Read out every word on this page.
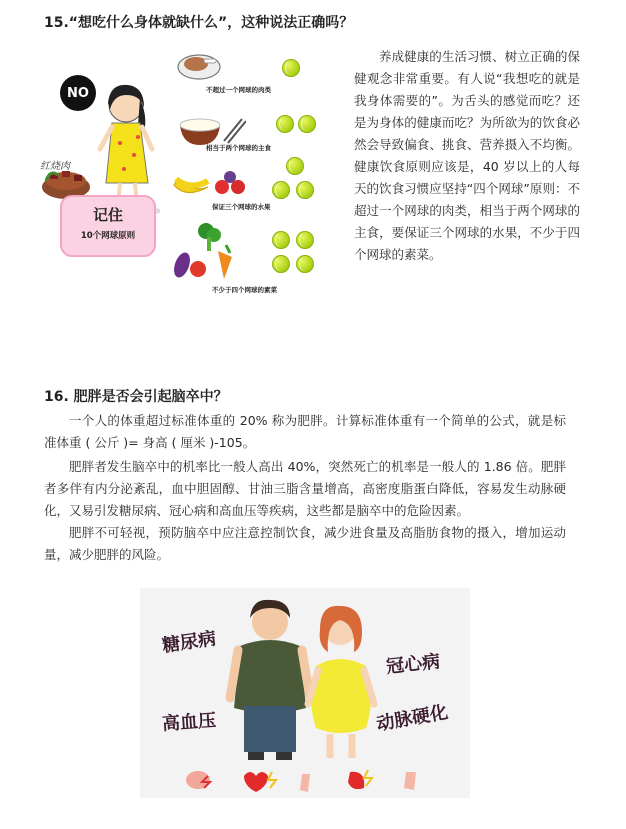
15.“想吃什么身体就缺什么”，这种说法正确吗？
NO
红烧肉
不超过一个网球的肉类
相当于两个网球的主食
保证三个网球的水果
不少于四个网球的素菜
记住
10个网球原则
养成健康的生活习惯、树立正确的保健观念非常重要。有人说“我想吃的就是我身体需要的”。为舌头的感觉而吃？还是为身体的健康而吃？为所欲为的饮食必然会导致偏食、挑食、营养摄入不均衡。健康饮食原则应该是，40 岁以上的人每天的饮食习惯应坚持“四个网球”原则：不超过一个网球的肉类，相当于两个网球的主食，要保证三个网球的水果，不少于四个网球的素菜。
16. 肥胖是否会引起脑卒中？
一个人的体重超过标准体重的 20% 称为肥胖。计算标准体重有一个简单的公式，就是标准体重 ( 公斤 )= 身高 ( 厘米 )-105。
肥胖者发生脑卒中的机率比一般人高出 40%，突然死亡的机率是一般人的 1.86 倍。肥胖者多伴有内分泌紊乱，血中胆固醇、甘油三脂含量增高，高密度脂蛋白降低，容易发生动脉硬化，又易引发糖尿病、冠心病和高血压等疾病，这些都是脑卒中的危险因素。
肥胖不可轻视，预防脑卒中应注意控制饮食，减少进食量及高脂肪食物的摄入，增加运动量，减少肥胖的风险。
糖尿病
冠心病
高血压	动脉硬化
